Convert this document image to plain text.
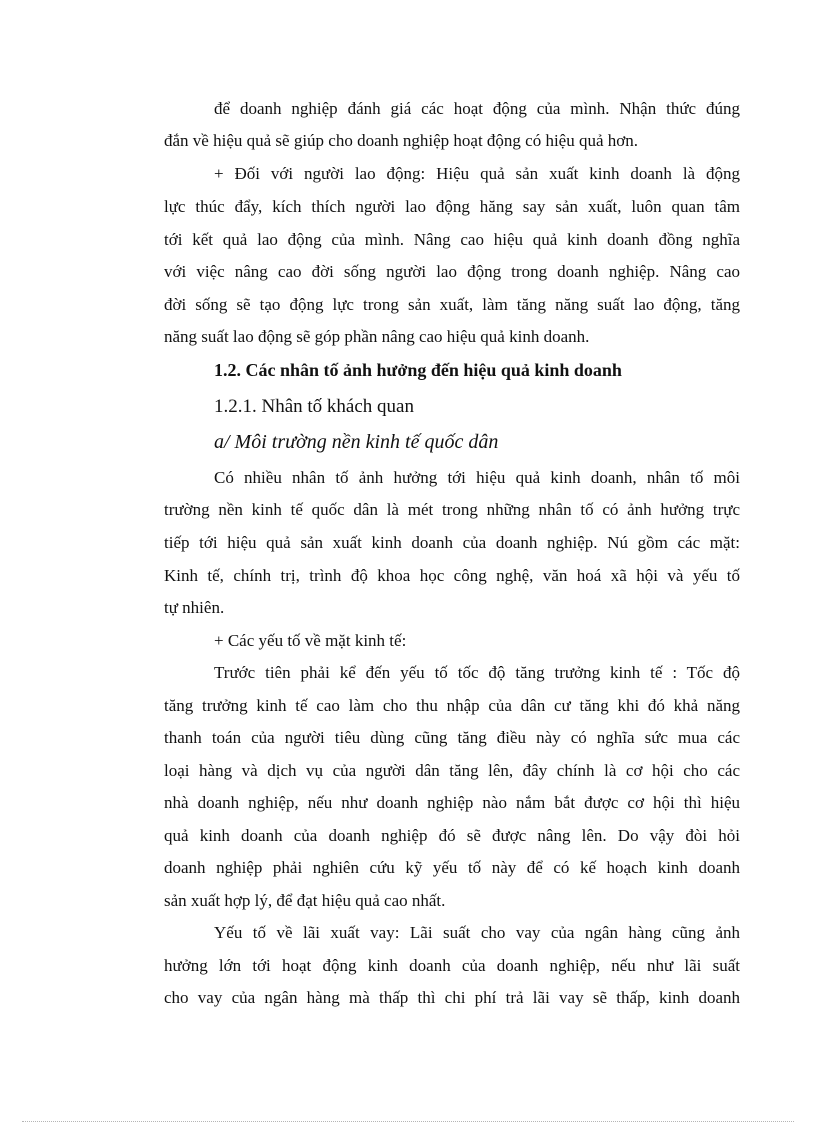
để doanh nghiệp đánh giá các hoạt động của mình. Nhận thức đúng
đắn về hiệu quả sẽ giúp cho doanh nghiệp hoạt động có hiệu quả hơn.
+ Đối với người lao động: Hiệu quả sản xuất kinh doanh là động
lực thúc đẩy, kích thích người lao động hăng say sản xuất, luôn quan tâm
tới kết quả lao động của mình. Nâng cao hiệu quả kinh doanh đồng nghĩa
với việc nâng cao đời sống người lao động trong doanh nghiệp. Nâng cao
đời sống sẽ tạo động lực trong sản xuất, làm tăng năng suất lao động, tăng
năng suất lao động sẽ góp phần nâng cao hiệu quả kinh doanh.
1.2. Các nhân tố ảnh hưởng đến hiệu quả kinh doanh
1.2.1. Nhân tố khách quan
a/ Môi trường nền kinh tế quốc dân
Có nhiều nhân tố ảnh hưởng tới hiệu quả kinh doanh, nhân tố môi
trường nền kinh tế quốc dân là mét trong những nhân tố có ảnh hưởng trực
tiếp tới hiệu quả sản xuất kinh doanh của doanh nghiệp. Nú gồm các mặt:
Kinh tế, chính trị, trình độ khoa học công nghệ, văn hoá xã hội và yếu tố
tự nhiên.
+ Các yếu tố về mặt kinh tế:
Trước tiên phải kể đến yếu tố tốc độ tăng trưởng kinh tế : Tốc độ
tăng trưởng kinh tế cao làm cho thu nhập của dân cư tăng khi đó khả năng
thanh toán của người tiêu dùng cũng tăng điều này có nghĩa sức mua các
loại hàng và dịch vụ của người dân tăng lên, đây chính là cơ hội cho các
nhà doanh nghiệp, nếu như doanh nghiệp nào nắm bắt được cơ hội thì hiệu
quả kinh doanh của doanh nghiệp đó sẽ được nâng lên. Do vậy đòi hỏi
doanh nghiệp phải nghiên cứu kỹ yếu tố này để có kế hoạch kinh doanh
sản xuất hợp lý, để đạt hiệu quả cao nhất.
Yếu tố về lãi xuất vay: Lãi suất cho vay của ngân hàng cũng ảnh
hưởng lớn tới hoạt động kinh doanh của doanh nghiệp, nếu như lãi suất
cho vay của ngân hàng mà thấp thì chi phí trả lãi vay sẽ thấp, kinh doanh
